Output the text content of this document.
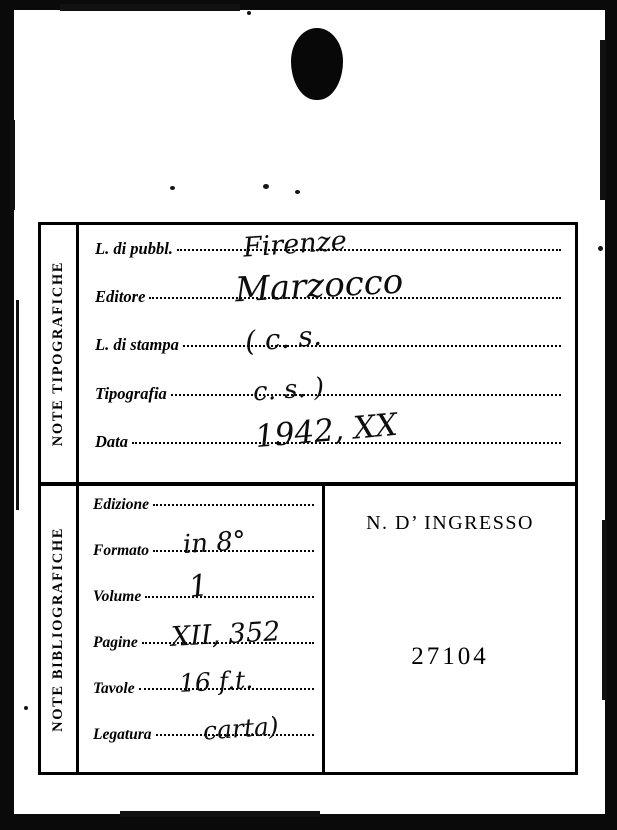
NOTE TIPOGRAFICHE
L. di pubbl.	Firenze
Editore	Marzocco
L. di stampa ( c. s.
Tipografia	c. s. )
Data	1942, XX
NOTE BIBLIOGRAFICHE
Edizione
Formato in 8°
Volume 1
Pagine XII, 352
Tavole 16 f.t.
Legatura carta)
N. D’ INGRESSO
27104
